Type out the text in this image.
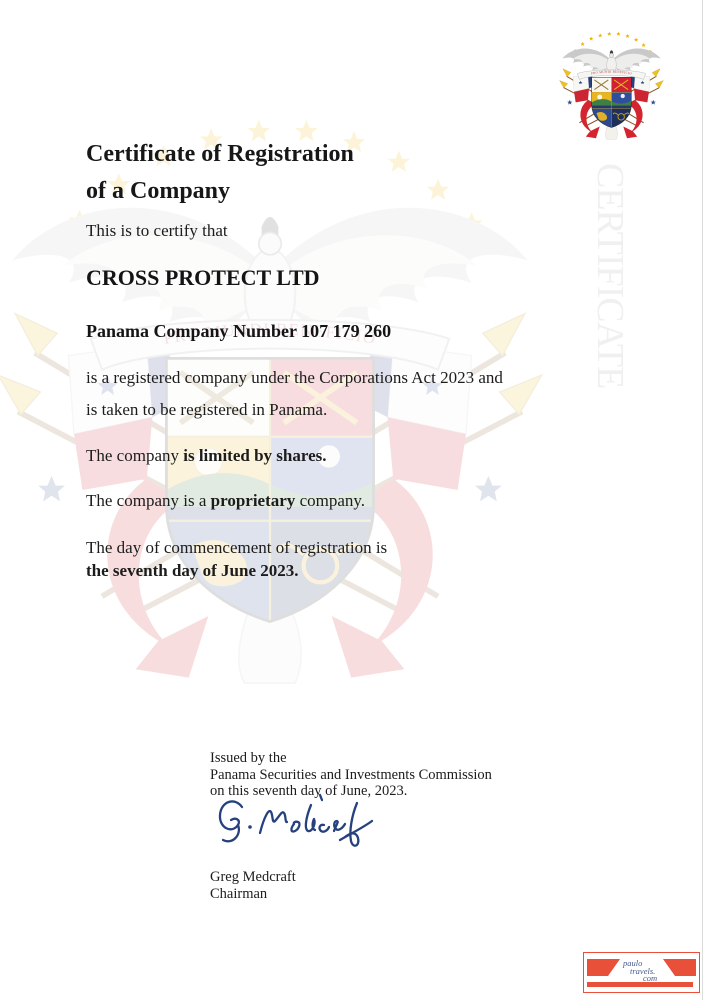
CERTIFICATE
Certificate of Registration
of a Company
This is to certify that
CROSS PROTECT LTD
Panama Company Number 107 179 260
is a registered company under the Corporations Act 2023 and
is taken to be registered in Panama.
The company is limited by shares.
The company is a proprietary company.
The day of commencement of registration is
the seventh day of June 2023.
Issued by the
Panama Securities and Investments Commission
on this seventh day of June, 2023.
Greg Medcraft
Chairman
paulo
travels.
com
